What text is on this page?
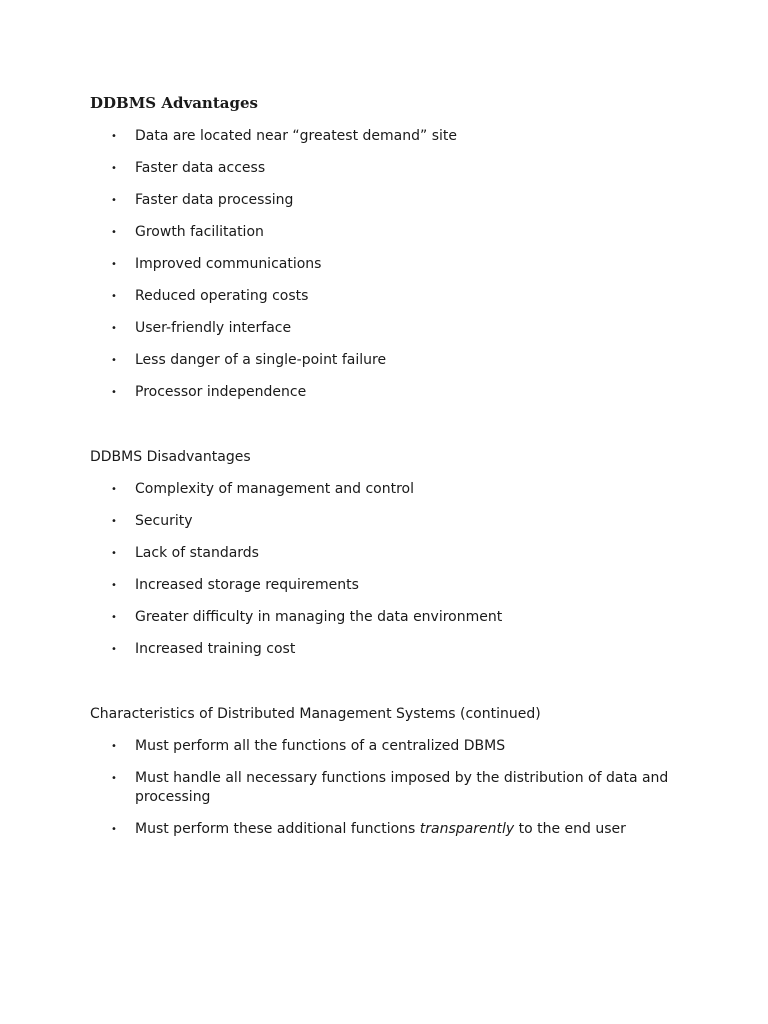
DDBMS Advantages
• Data are located near “greatest demand” site
• Faster data access
• Faster data processing
• Growth facilitation
• Improved communications
• Reduced operating costs
• User-friendly interface
• Less danger of a single-point failure
• Processor independence
DDBMS Disadvantages
• Complexity of management and control
• Security
• Lack of standards
• Increased storage requirements
• Greater difficulty in managing the data environment
• Increased training cost
Characteristics of Distributed Management Systems (continued)
• Must perform all the functions of a centralized DBMS
• Must handle all necessary functions imposed by the distribution of data and processing
• Must perform these additional functions transparently to the end user
